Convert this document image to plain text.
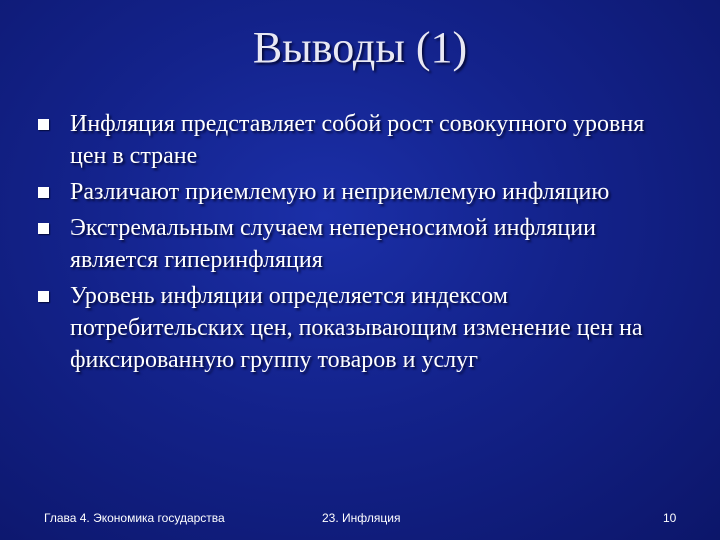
Выводы (1)
Инфляция представляет собой рост совокупного уровня цен в стране
Различают приемлемую и неприемлемую инфляцию
Экстремальным случаем непереносимой инфляции является гиперинфляция
Уровень инфляции определяется индексом потребительских цен, показывающим изменение цен на фиксированную группу товаров и услуг
Глава 4. Экономика государства	23. Инфляция	10
